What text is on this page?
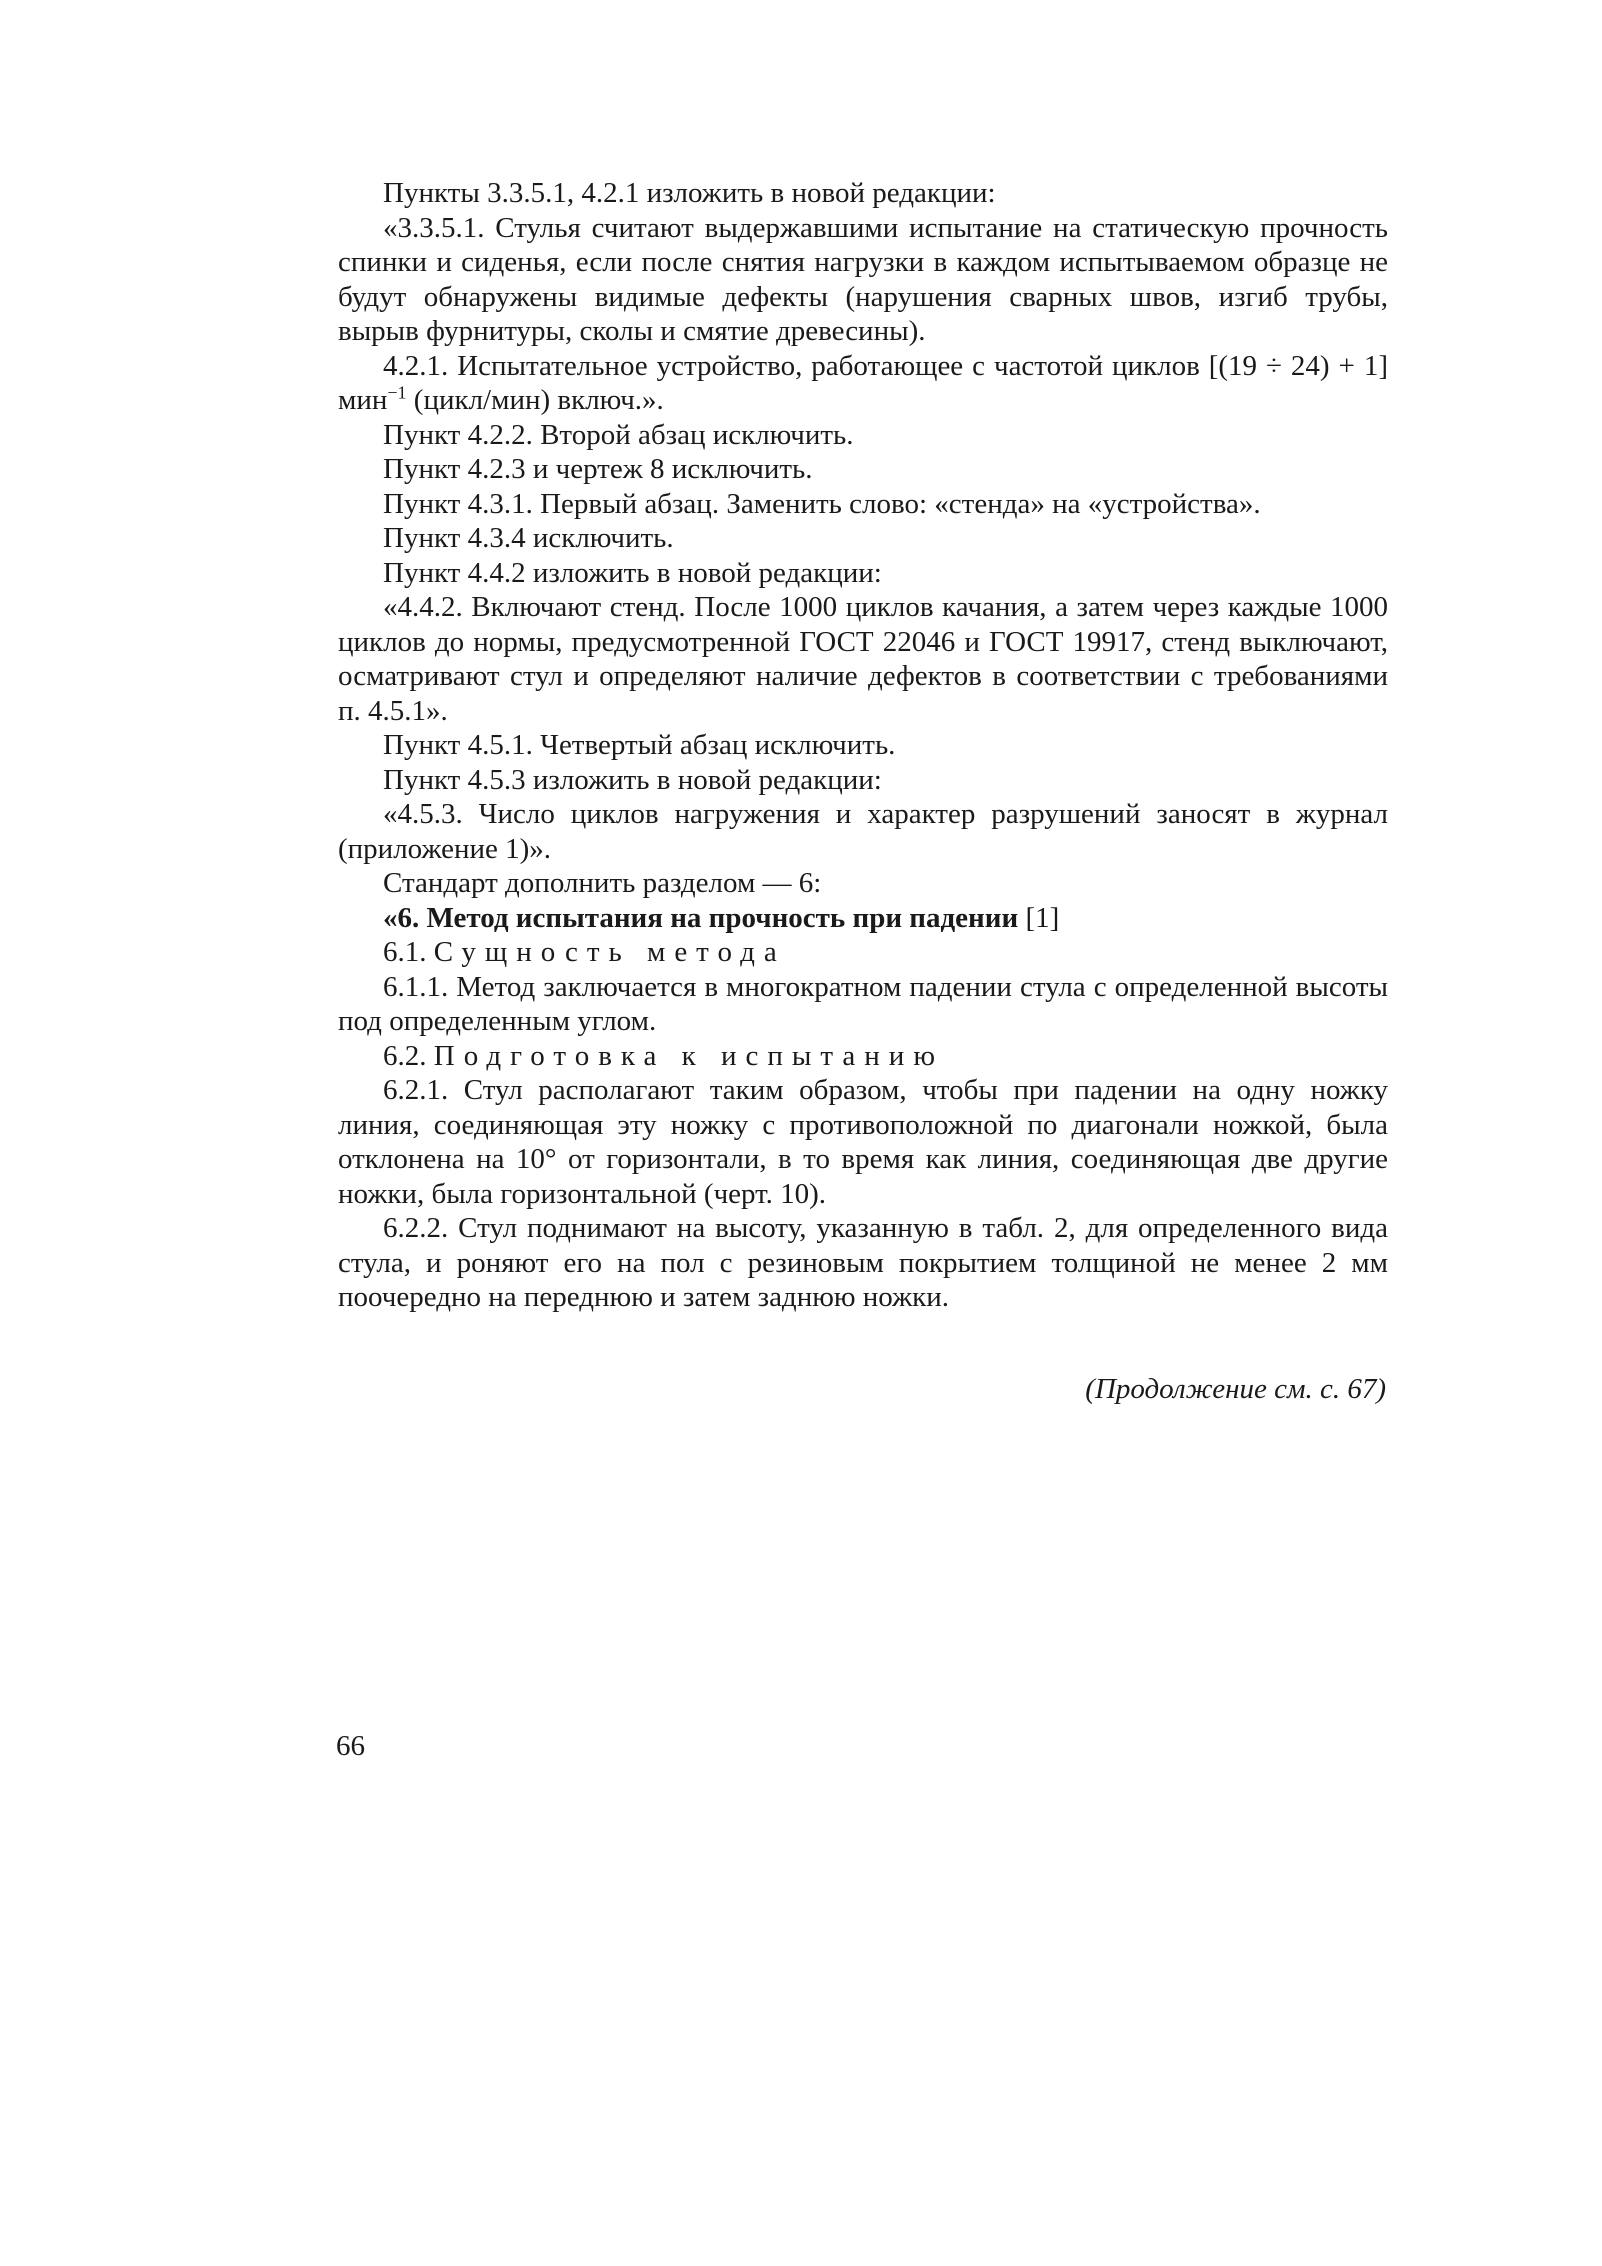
Пункты 3.3.5.1, 4.2.1 изложить в новой редакции:

«3.3.5.1. Стулья считают выдержавшими испытание на статическую прочность спинки и сиденья, если после снятия нагрузки в каждом испытываемом образце не будут обнаружены видимые дефекты (нарушения сварных швов, изгиб трубы, вырыв фурнитуры, сколы и смятие древесины).

4.2.1. Испытательное устройство, работающее с частотой циклов [(19 ÷ 24) + 1] мин$^{-1}$ (цикл/мин) включ.».

Пункт 4.2.2. Второй абзац исключить.

Пункт 4.2.3 и чертеж 8 исключить.

Пункт 4.3.1. Первый абзац. Заменить слово: «стенда» на «устройства».

Пункт 4.3.4 исключить.

Пункт 4.4.2 изложить в новой редакции:

«4.4.2. Включают стенд. После 1000 циклов качания, а затем через каждые 1000 циклов до нормы, предусмотренной ГОСТ 22046 и ГОСТ 19917, стенд выключают, осматривают стул и определяют наличие дефектов в соответствии с требованиями п. 4.5.1».

Пункт 4.5.1. Четвертый абзац исключить.

Пункт 4.5.3 изложить в новой редакции:

«4.5.3. Число циклов нагружения и характер разрушений заносят в журнал (приложение 1)».

Стандарт дополнить разделом — 6:

«6. Метод испытания на прочность при падении [1]

6.1. Сущность метода

6.1.1. Метод заключается в многократном падении стула с определенной высоты под определенным углом.

6.2. Подготовка к испытанию

6.2.1. Стул располагают таким образом, чтобы при падении на одну ножку линия, соединяющая эту ножку с противоположной по диагонали ножкой, была отклонена на 10° от горизонтали, в то время как линия, соединяющая две другие ножки, была горизонтальной (черт. 10).

6.2.2. Стул поднимают на высоту, указанную в табл. 2, для определенного вида стула, и роняют его на пол с резиновым покрытием толщиной не менее 2 мм поочередно на переднюю и затем заднюю ножки.

(Продолжение см. с. 67)
66
